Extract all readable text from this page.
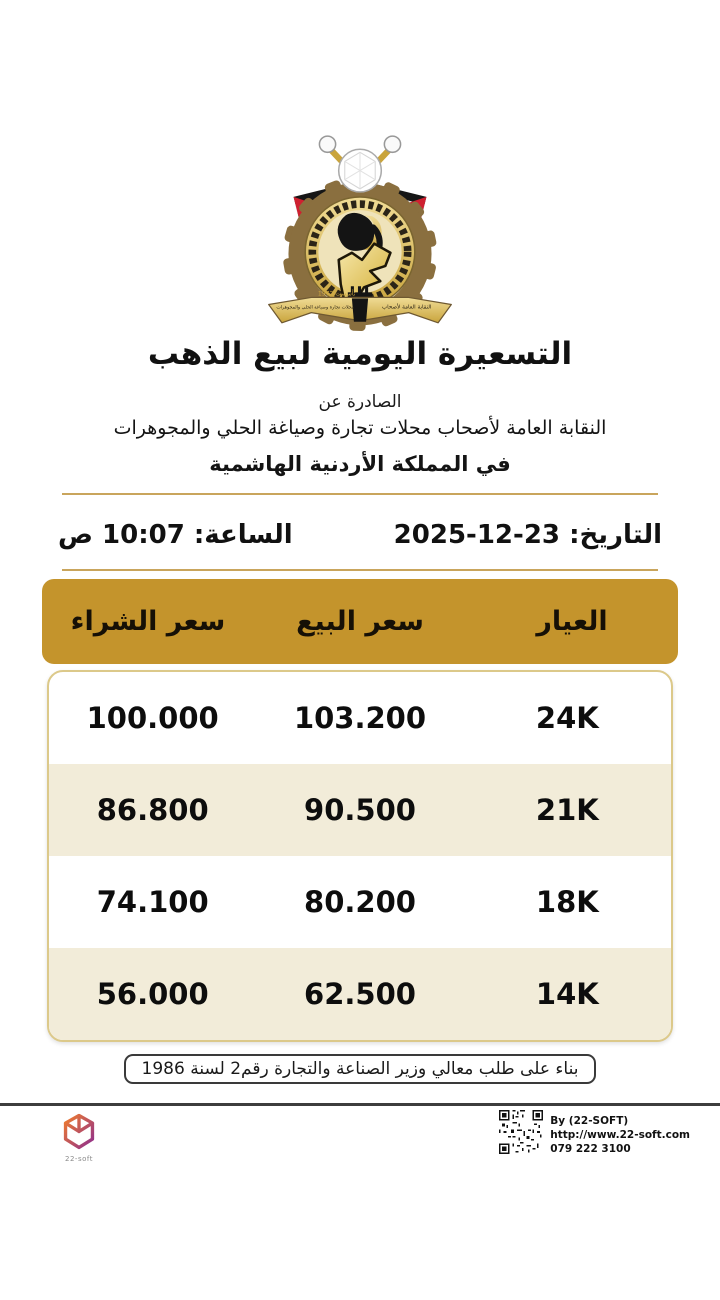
تأسست 1972
النقابة العامة لأصحاب
محلات تجارة وصياغة الحلي والمجوهرات
التسعيرة اليومية لبيع الذهب
الصادرة عن
النقابة العامة لأصحاب محلات تجارة وصياغة الحلي والمجوهرات
في المملكة الأردنية الهاشمية
التاريخ: 23-12-2025
الساعة: 10:07 ص
العيار
سعر البيع
سعر الشراء
24K
103.200
100.000
21K
90.500
86.800
18K
80.200
74.100
14K
62.500
56.000
بناء على طلب معالي وزير الصناعة والتجارة رقم2 لسنة 1986
22-soft
By (22-SOFT)
http://www.22-soft.com
079 222 3100
